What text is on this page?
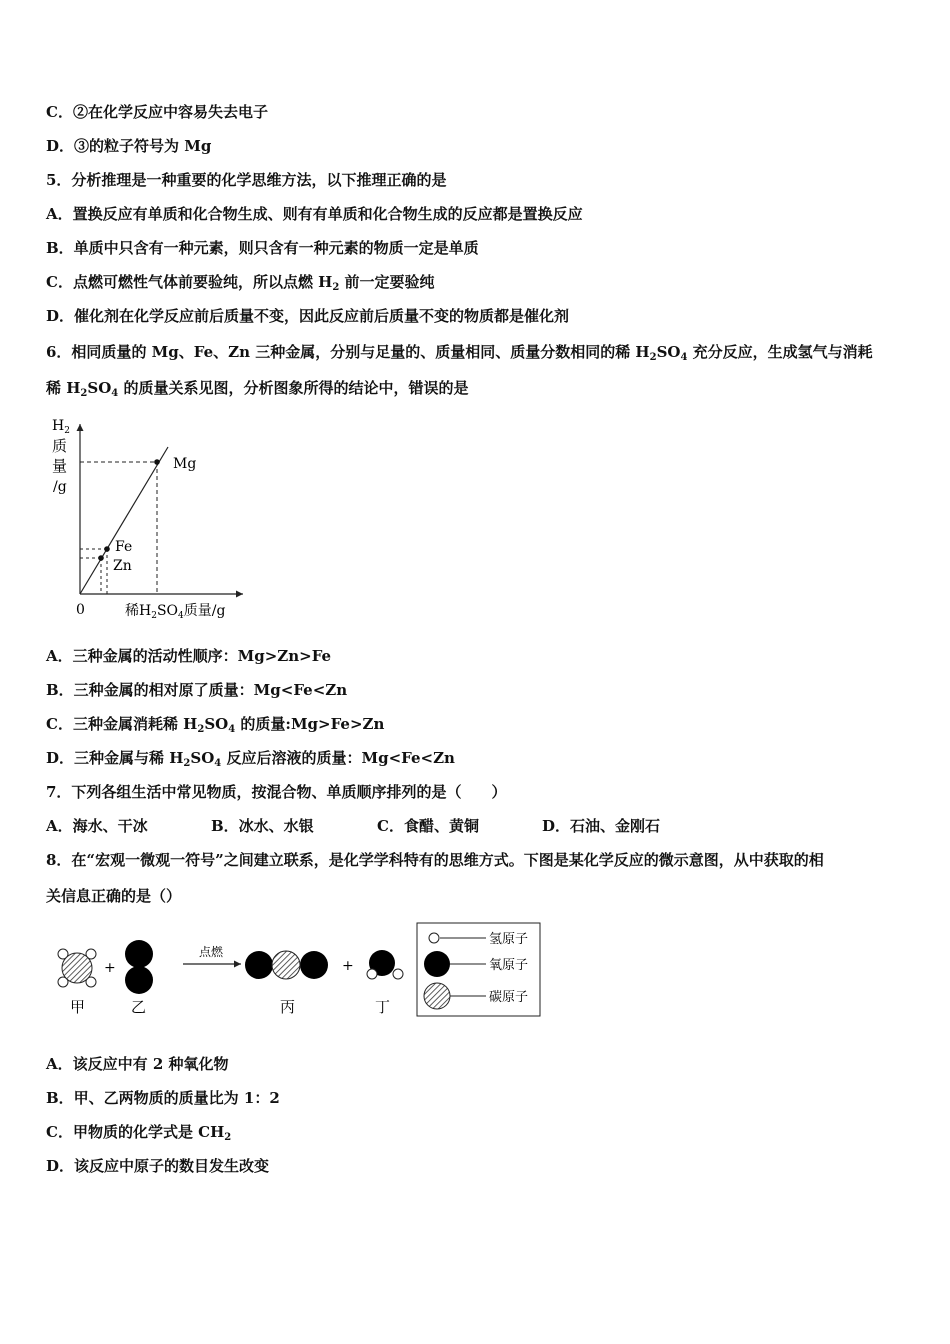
C．②在化学反应中容易失去电子
D．③的粒子符号为 Mg
5．分析推理是一种重要的化学思维方法，以下推理正确的是
A．置换反应有单质和化合物生成、则有有单质和化合物生成的反应都是置换反应
B．单质中只含有一种元素，则只含有一种元素的物质一定是单质
C．点燃可燃性气体前要验纯，所以点燃 $H_2$ 前一定要验纯
D．催化剂在化学反应前后质量不变，因此反应前后质量不变的物质都是催化剂
6．相同质量的 Mg、Fe、Zn 三种金属，分别与足量的、质量相同、质量分数相同的稀 $H_2SO_4$ 充分反应，生成氢气与消耗
稀 $H_2SO_4$ 的质量关系见图，分析图象所得的结论中，错误的是
Mg
Fe
Zn
0
$H_2$
质
量
/g
稀$H_2SO_4$质量/g
A．三种金属的活动性顺序：Mg>Zn>Fe
B．三种金属的相对原了质量：Mg<Fe<Zn
C．三种金属消耗稀 $H_2SO_4$ 的质量:Mg>Fe>Zn
D．三种金属与稀 $H_2SO_4$ 反应后溶液的质量：Mg<Fe<Zn
7．下列各组生活中常见物质，按混合物、单质顺序排列的是（　　）
A．海水、干冰	B．冰水、水银	C．食醋、黄铜	D．石油、金刚石
8．在“宏观一微观一符号”之间建立联系，是化学学科特有的思维方式。下图是某化学反应的微示意图，从中获取的相
关信息正确的是（）
+
点燃
+
甲	乙	丙	丁
氢原子
氧原子
碳原子
A．该反应中有 2 种氧化物
B．甲、乙两物质的质量比为 1：2
C．甲物质的化学式是 $CH_2$
D．该反应中原子的数目发生改变
